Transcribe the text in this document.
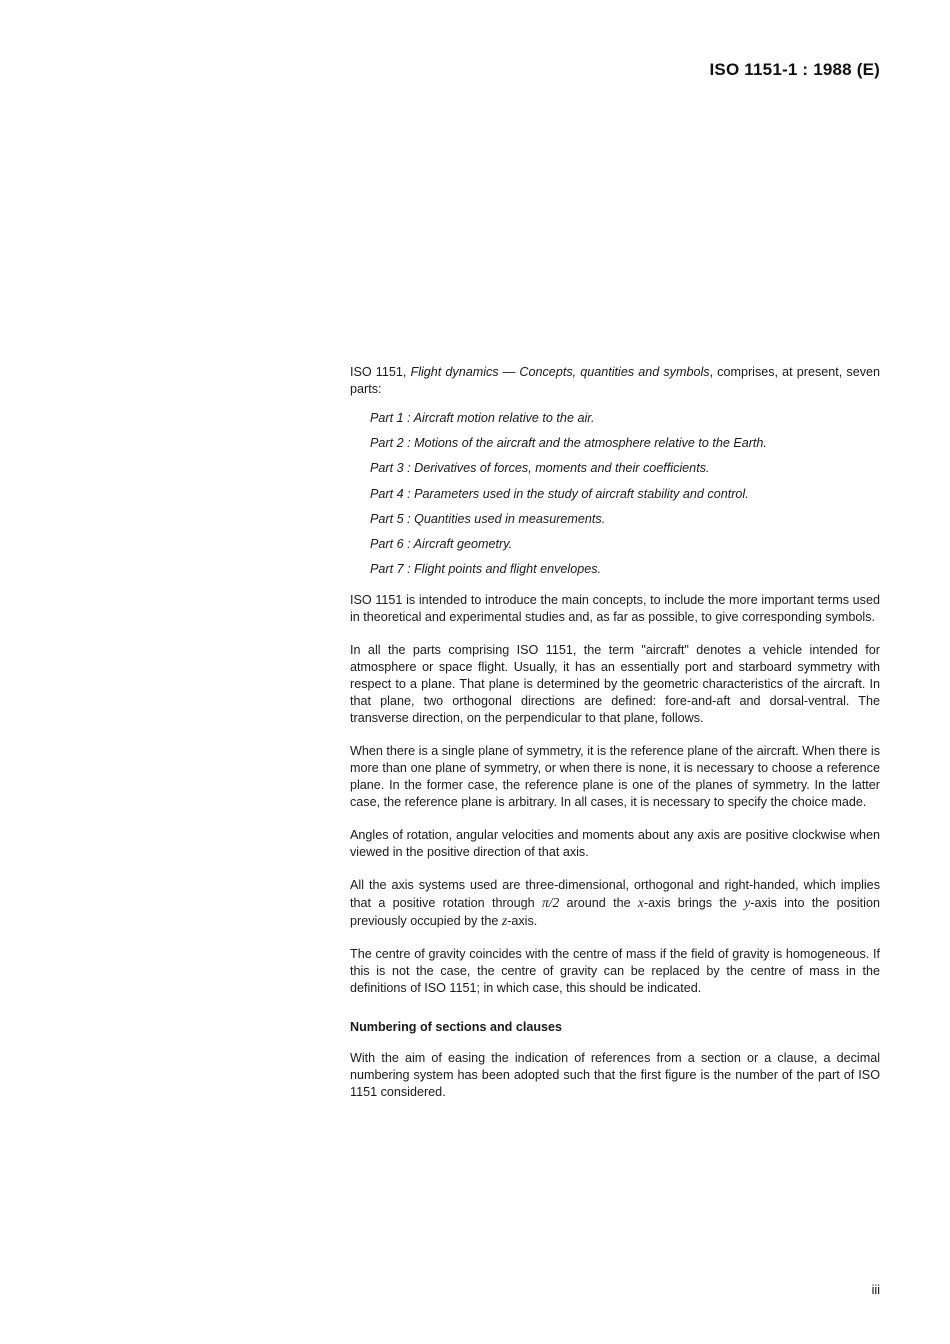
ISO 1151-1 : 1988 (E)

ISO 1151, Flight dynamics — Concepts, quantities and symbols, comprises, at present, seven parts:

Part 1 : Aircraft motion relative to the air.
Part 2 : Motions of the aircraft and the atmosphere relative to the Earth.
Part 3 : Derivatives of forces, moments and their coefficients.
Part 4 : Parameters used in the study of aircraft stability and control.
Part 5 : Quantities used in measurements.
Part 6 : Aircraft geometry.
Part 7 : Flight points and flight envelopes.

ISO 1151 is intended to introduce the main concepts, to include the more important terms used in theoretical and experimental studies and, as far as possible, to give corresponding symbols.

In all the parts comprising ISO 1151, the term "aircraft" denotes a vehicle intended for atmosphere or space flight. Usually, it has an essentially port and starboard symmetry with respect to a plane. That plane is determined by the geometric characteristics of the aircraft. In that plane, two orthogonal directions are defined: fore-and-aft and dorsal-ventral. The transverse direction, on the perpendicular to that plane, follows.

When there is a single plane of symmetry, it is the reference plane of the aircraft. When there is more than one plane of symmetry, or when there is none, it is necessary to choose a reference plane. In the former case, the reference plane is one of the planes of symmetry. In the latter case, the reference plane is arbitrary. In all cases, it is necessary to specify the choice made.

Angles of rotation, angular velocities and moments about any axis are positive clockwise when viewed in the positive direction of that axis.

All the axis systems used are three-dimensional, orthogonal and right-handed, which implies that a positive rotation through π/2 around the x-axis brings the y-axis into the position previously occupied by the z-axis.

The centre of gravity coincides with the centre of mass if the field of gravity is homogeneous. If this is not the case, the centre of gravity can be replaced by the centre of mass in the definitions of ISO 1151; in which case, this should be indicated.

Numbering of sections and clauses

With the aim of easing the indication of references from a section or a clause, a decimal numbering system has been adopted such that the first figure is the number of the part of ISO 1151 considered.

iii
